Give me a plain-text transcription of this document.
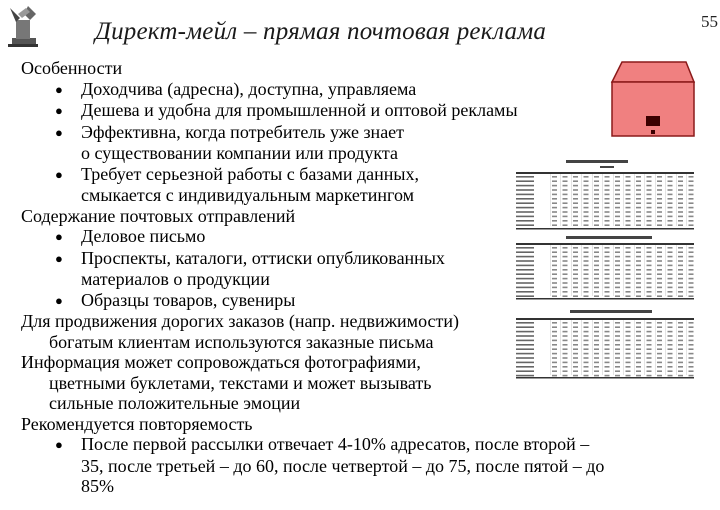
Директ-мейл – прямая почтовая реклама	55
Особенности
● Доходчива (адресна), доступна, управляема
● Дешева и удобна для промышленной и оптовой рекламы
● Эффективна, когда потребитель уже знает
о существовании компании или продукта
● Требует серьезной работы с базами данных,
смыкается с индивидуальным маркетингом
Содержание почтовых отправлений
● Деловое письмо
● Проспекты, каталоги, оттиски опубликованных
материалов о продукции
● Образцы товаров, сувениры
Для продвижения дорогих заказов (напр. недвижимости)
богатым клиентам используются заказные письма
Информация может сопровождаться фотографиями,
цветными буклетами, текстами и может вызывать
сильные положительные эмоции
Рекомендуется повторяемость
● После первой рассылки отвечает 4-10% адресатов, после второй –
35, после третьей – до 60, после четвертой – до 75, после пятой – до
85%
